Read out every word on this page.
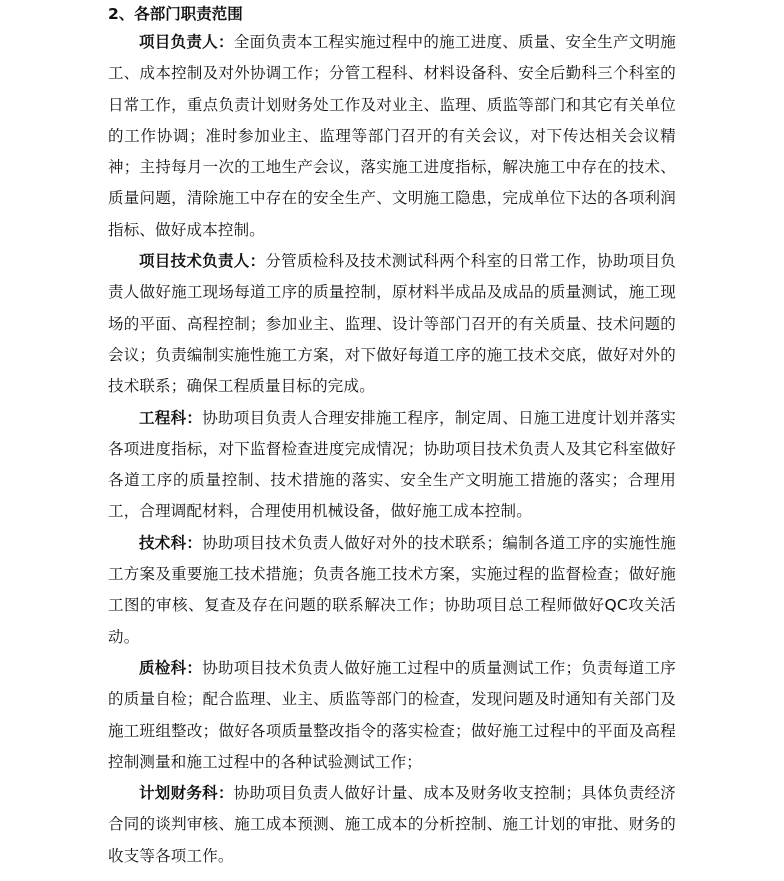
2、各部门职责范围

项目负责人：全面负责本工程实施过程中的施工进度、质量、安全生产文明施工、成本控制及对外协调工作；分管工程科、材料设备科、安全后勤科三个科室的日常工作，重点负责计划财务处工作及对业主、监理、质监等部门和其它有关单位的工作协调；准时参加业主、监理等部门召开的有关会议，对下传达相关会议精神；主持每月一次的工地生产会议，落实施工进度指标，解决施工中存在的技术、质量问题，清除施工中存在的安全生产、文明施工隐患，完成单位下达的各项利润指标、做好成本控制。

项目技术负责人：分管质检科及技术测试科两个科室的日常工作，协助项目负责人做好施工现场每道工序的质量控制，原材料半成品及成品的质量测试，施工现场的平面、高程控制；参加业主、监理、设计等部门召开的有关质量、技术问题的会议；负责编制实施性施工方案，对下做好每道工序的施工技术交底，做好对外的技术联系；确保工程质量目标的完成。

工程科：协助项目负责人合理安排施工程序，制定周、日施工进度计划并落实各项进度指标，对下监督检查进度完成情况；协助项目技术负责人及其它科室做好各道工序的质量控制、技术措施的落实、安全生产文明施工措施的落实；合理用工，合理调配材料，合理使用机械设备，做好施工成本控制。

技术科：协助项目技术负责人做好对外的技术联系；编制各道工序的实施性施工方案及重要施工技术措施；负责各施工技术方案，实施过程的监督检查；做好施工图的审核、复查及存在问题的联系解决工作；协助项目总工程师做好QC攻关活动。

质检科：协助项目技术负责人做好施工过程中的质量测试工作；负责每道工序的质量自检；配合监理、业主、质监等部门的检查，发现问题及时通知有关部门及施工班组整改；做好各项质量整改指令的落实检查；做好施工过程中的平面及高程控制测量和施工过程中的各种试验测试工作；

计划财务科：协助项目负责人做好计量、成本及财务收支控制；具体负责经济合同的谈判审核、施工成本预测、施工成本的分析控制、施工计划的审批、财务的收支等各项工作。
